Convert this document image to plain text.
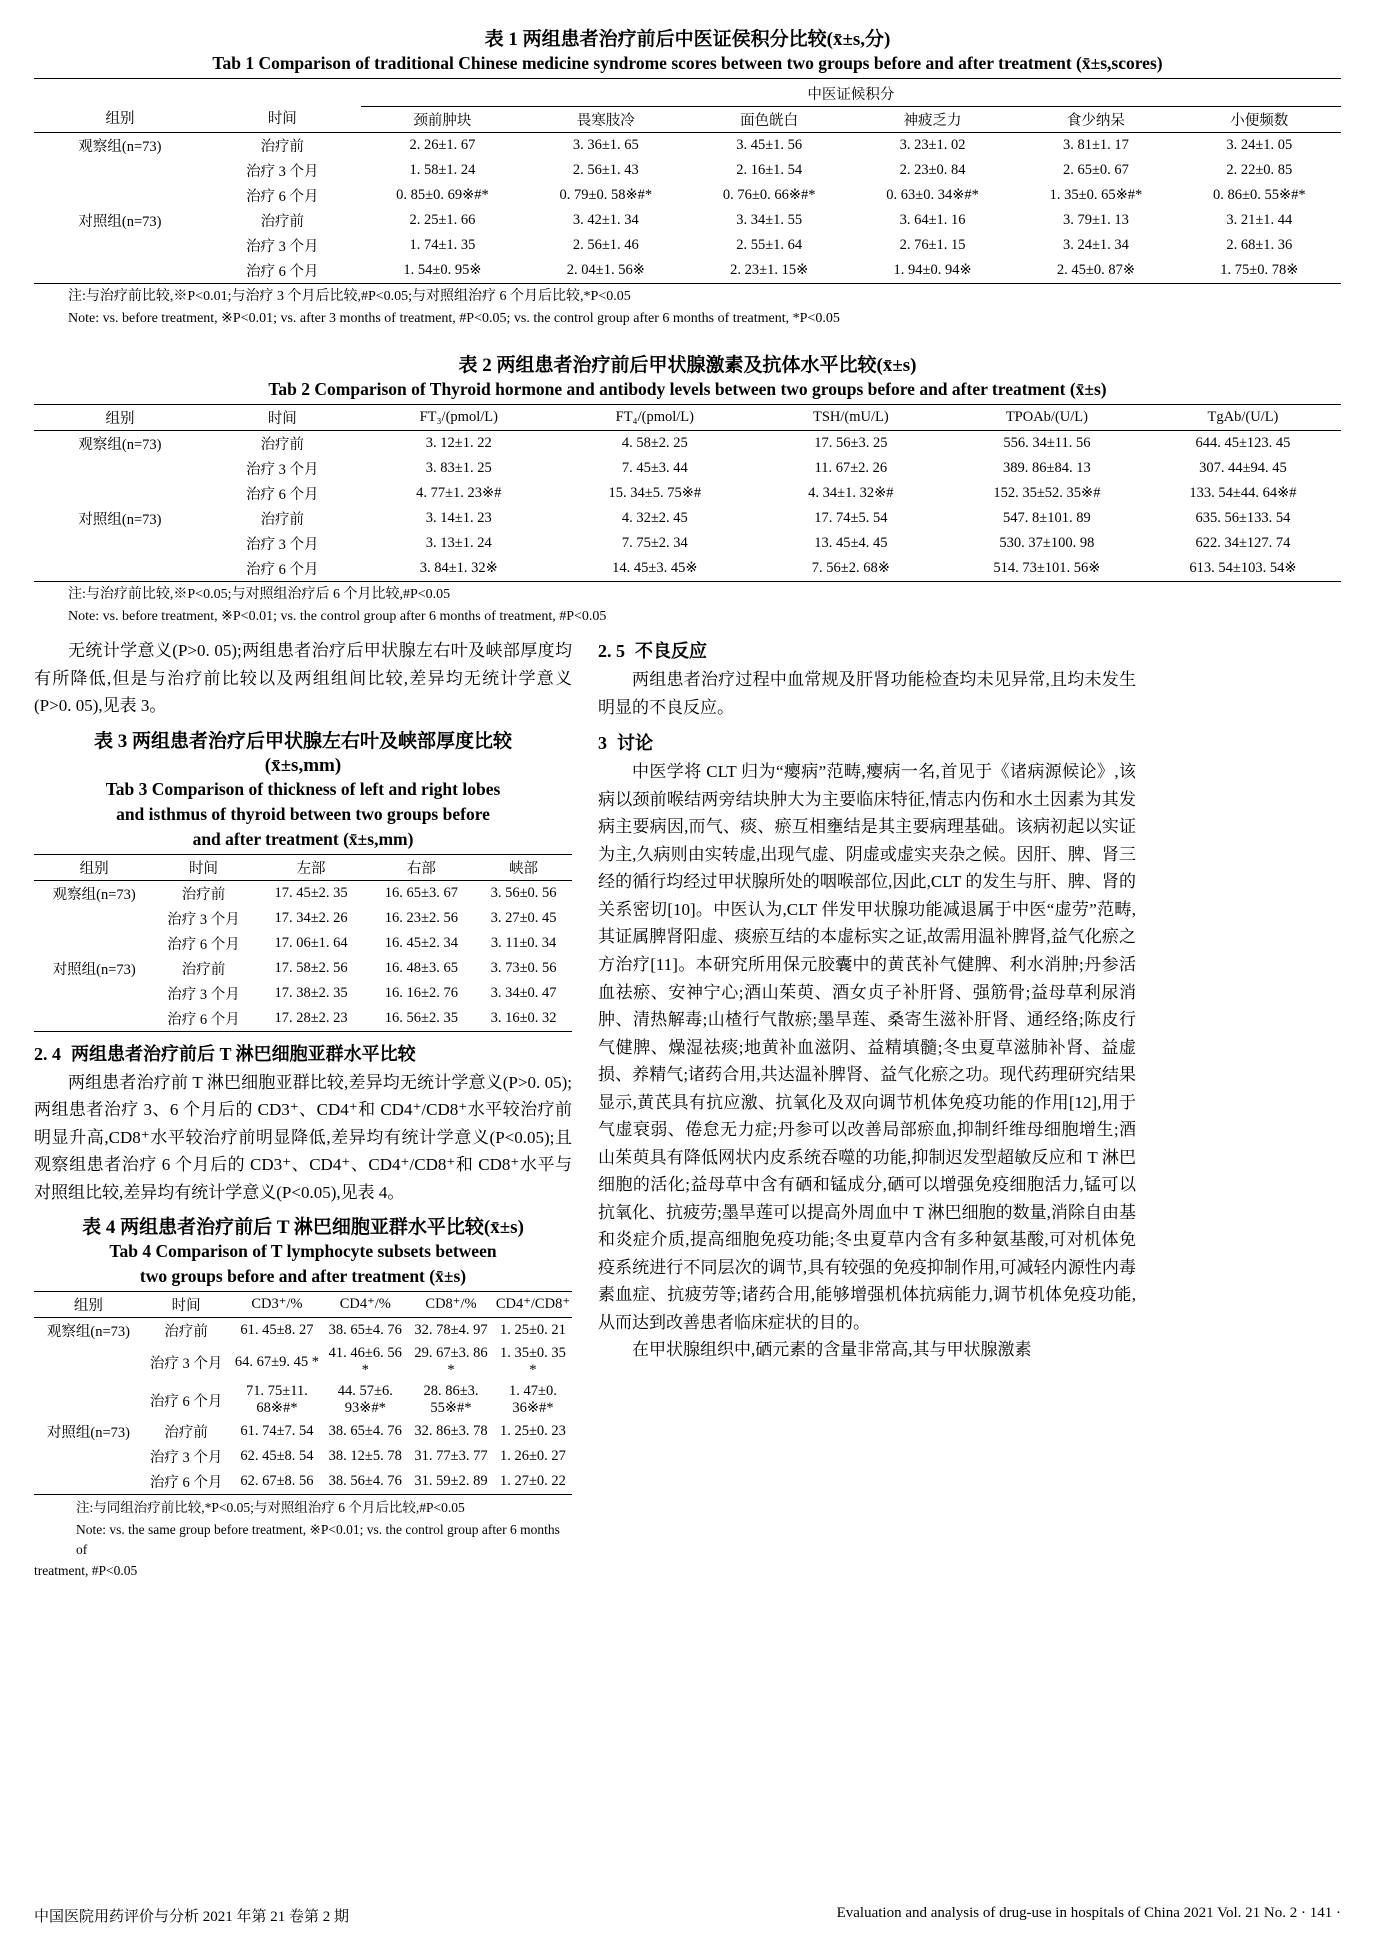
表 1 两组患者治疗前后中医证侯积分比较(x̄±s,分)
Tab 1 Comparison of traditional Chinese medicine syndrome scores between two groups before and after treatment (x̄±s,scores)
组别	时间	中医证候积分					
		颈前肿块	畏寒肢冷	面色㿠白	神疲乏力	食少纳呆	小便频数
观察组(n=73)	治疗前	2. 26±1. 67	3. 36±1. 65	3. 45±1. 56	3. 23±1. 02	3. 81±1. 17	3. 24±1. 05
	治疗 3 个月	1. 58±1. 24	2. 56±1. 43	2. 16±1. 54	2. 23±0. 84	2. 65±0. 67	2. 22±0. 85
	治疗 6 个月	0. 85±0. 69※#*	0. 79±0. 58※#*	0. 76±0. 66※#*	0. 63±0. 34※#*	1. 35±0. 65※#*	0. 86±0. 55※#*
对照组(n=73)	治疗前	2. 25±1. 66	3. 42±1. 34	3. 34±1. 55	3. 64±1. 16	3. 79±1. 13	3. 21±1. 44
	治疗 3 个月	1. 74±1. 35	2. 56±1. 46	2. 55±1. 64	2. 76±1. 15	3. 24±1. 34	2. 68±1. 36
	治疗 6 个月	1. 54±0. 95※	2. 04±1. 56※	2. 23±1. 15※	1. 94±0. 94※	2. 45±0. 87※	1. 75±0. 78※
注:与治疗前比较,※P<0.01;与治疗 3 个月后比较,#P<0.05;与对照组治疗 6 个月后比较,*P<0.05
Note: vs. before treatment, ※P<0.01; vs. after 3 months of treatment, #P<0.05; vs. the control group after 6 months of treatment, *P<0.05
表 2 两组患者治疗前后甲状腺激素及抗体水平比较(x̄±s)
Tab 2 Comparison of Thyroid hormone and antibody levels between two groups before and after treatment (x̄±s)
组别	时间	FT₃/(pmol/L)	FT₄/(pmol/L)	TSH/(mU/L)	TPOAb/(U/L)	TgAb/(U/L)
观察组(n=73)	治疗前	3. 12±1. 22	4. 58±2. 25	17. 56±3. 25	556. 34±11. 56	644. 45±123. 45
	治疗 3 个月	3. 83±1. 25	7. 45±3. 44	11. 67±2. 26	389. 86±84. 13	307. 44±94. 45
	治疗 6 个月	4. 77±1. 23※#	15. 34±5. 75※#	4. 34±1. 32※#	152. 35±52. 35※#	133. 54±44. 64※#
对照组(n=73)	治疗前	3. 14±1. 23	4. 32±2. 45	17. 74±5. 54	547. 8±101. 89	635. 56±133. 54
	治疗 3 个月	3. 13±1. 24	7. 75±2. 34	13. 45±4. 45	530. 37±100. 98	622. 34±127. 74
	治疗 6 个月	3. 84±1. 32※	14. 45±3. 45※	7. 56±2. 68※	514. 73±101. 56※	613. 54±103. 54※
注:与治疗前比较,※P<0.05;与对照组治疗后 6 个月比较,#P<0.05
Note: vs. before treatment, ※P<0.01; vs. the control group after 6 months of treatment, #P<0.05

无统计学意义(P>0. 05);两组患者治疗后甲状腺左右叶及峡部厚度均有所降低,但是与治疗前比较以及两组组间比较,差异均无统计学意义(P>0. 05),见表 3。

表 3 两组患者治疗后甲状腺左右叶及峡部厚度比较
(x̄±s,mm)
Tab 3 Comparison of thickness of left and right lobes
and isthmus of thyroid between two groups before
and after treatment (x̄±s,mm)
组别	时间	左部	右部	峡部
观察组(n=73)	治疗前	17. 45±2. 35	16. 65±3. 67	3. 56±0. 56
	治疗 3 个月	17. 34±2. 26	16. 23±2. 56	3. 27±0. 45
	治疗 6 个月	17. 06±1. 64	16. 45±2. 34	3. 11±0. 34
对照组(n=73)	治疗前	17. 58±2. 56	16. 48±3. 65	3. 73±0. 56
	治疗 3 个月	17. 38±2. 35	16. 16±2. 76	3. 34±0. 47
	治疗 6 个月	17. 28±2. 23	16. 56±2. 35	3. 16±0. 32
2. 4 两组患者治疗前后 T 淋巴细胞亚群水平比较

两组患者治疗前 T 淋巴细胞亚群比较,差异均无统计学意义(P>0. 05);两组患者治疗 3、6 个月后的 CD3⁺、CD4⁺和 CD4⁺/CD8⁺水平较治疗前明显升高,CD8⁺水平较治疗前明显降低,差异均有统计学意义(P<0.05);且观察组患者治疗 6 个月后的 CD3⁺、CD4⁺、CD4⁺/CD8⁺和 CD8⁺水平与对照组比较,差异均有统计学意义(P<0.05),见表 4。

表 4 两组患者治疗前后 T 淋巴细胞亚群水平比较(x̄±s)
Tab 4 Comparison of T lymphocyte subsets between
two groups before and after treatment (x̄±s)
组别	时间	CD3⁺/%	CD4⁺/%	CD8⁺/%	CD4⁺/CD8⁺
观察组(n=73)	治疗前	61. 45±8. 27	38. 65±4. 76	32. 78±4. 97	1. 25±0. 21
	治疗 3 个月	64. 67±9. 45 *	41. 46±6. 56 *	29. 67±3. 86 *	1. 35±0. 35 *
	治疗 6 个月	71. 75±11. 68※#*	44. 57±6. 93※#*	28. 86±3. 55※#*	1. 47±0. 36※#*
对照组(n=73)	治疗前	61. 74±7. 54	38. 65±4. 76	32. 86±3. 78	1. 25±0. 23
	治疗 3 个月	62. 45±8. 54	38. 12±5. 78	31. 77±3. 77	1. 26±0. 27
	治疗 6 个月	62. 67±8. 56	38. 56±4. 76	31. 59±2. 89	1. 27±0. 22
注:与同组治疗前比较,*P<0.05;与对照组治疗 6 个月后比较,#P<0.05
Note: vs. the same group before treatment, ※P<0.01; vs. the control group after 6 months of
treatment, #P<0.05
2. 5 不良反应

两组患者治疗过程中血常规及肝肾功能检查均未见异常,且均未发生明显的不良反应。

3 讨论

中医学将 CLT 归为“瘿病”范畴,瘿病一名,首见于《诸病源候论》,该病以颈前喉结两旁结块肿大为主要临床特征,情志内伤和水土因素为其发病主要病因,而气、痰、瘀互相壅结是其主要病理基础。该病初起以实证为主,久病则由实转虚,出现气虚、阴虚或虚实夹杂之候。因肝、脾、肾三经的循行均经过甲状腺所处的咽喉部位,因此,CLT 的发生与肝、脾、肾的关系密切[10]。中医认为,CLT 伴发甲状腺功能减退属于中医“虚劳”范畴,其证属脾肾阳虚、痰瘀互结的本虚标实之证,故需用温补脾肾,益气化瘀之方治疗[11]。本研究所用保元胶囊中的黄芪补气健脾、利水消肿;丹参活血祛瘀、安神宁心;酒山茱萸、酒女贞子补肝肾、强筋骨;益母草利尿消肿、清热解毒;山楂行气散瘀;墨旱莲、桑寄生滋补肝肾、通经络;陈皮行气健脾、燥湿祛痰;地黄补血滋阴、益精填髓;冬虫夏草滋肺补肾、益虚损、养精气;诸药合用,共达温补脾肾、益气化瘀之功。现代药理研究结果显示,黄芪具有抗应激、抗氧化及双向调节机体免疫功能的作用[12],用于气虚衰弱、倦怠无力症;丹参可以改善局部瘀血,抑制纤维母细胞增生;酒山茱萸具有降低网状内皮系统吞噬的功能,抑制迟发型超敏反应和 T 淋巴细胞的活化;益母草中含有硒和锰成分,硒可以增强免疫细胞活力,锰可以抗氧化、抗疲劳;墨旱莲可以提高外周血中 T 淋巴细胞的数量,消除自由基和炎症介质,提高细胞免疫功能;冬虫夏草内含有多种氨基酸,可对机体免疫系统进行不同层次的调节,具有较强的免疫抑制作用,可减轻内源性内毒素血症、抗疲劳等;诸药合用,能够增强机体抗病能力,调节机体免疫功能,从而达到改善患者临床症状的目的。

在甲状腺组织中,硒元素的含量非常高,其与甲状腺激素

中国医院用药评价与分析 2021 年第 21 卷第 2 期	Evaluation and analysis of drug-use in hospitals of China 2021 Vol. 21 No. 2 · 141 ·
